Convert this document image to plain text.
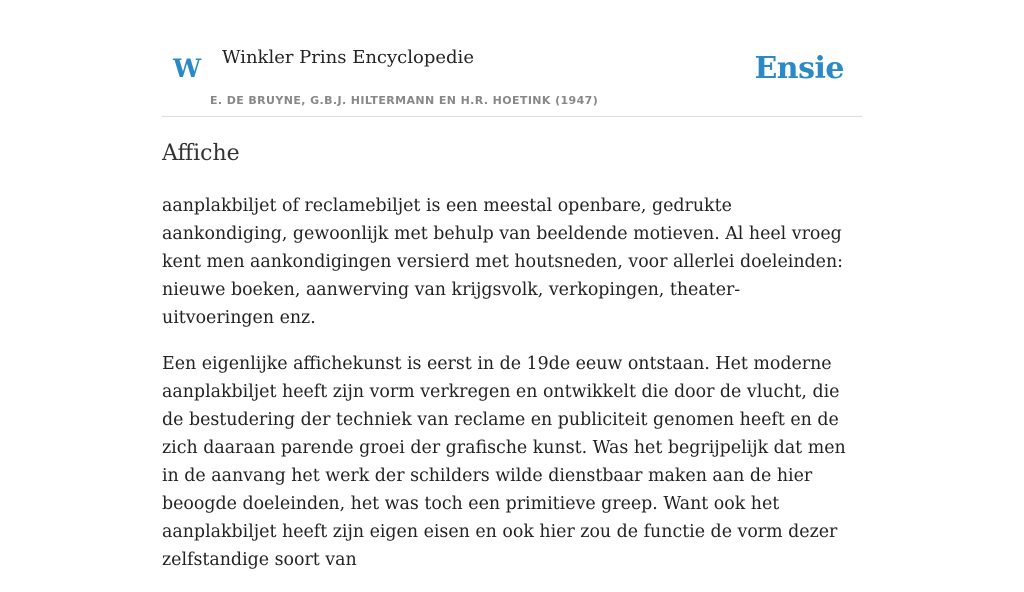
W Winkler Prins Encyclopedie
E. DE BRUYNE, G.B.J. HILTERMANN EN H.R. HOETINK (1947)
Ensie
Affiche

aanplakbiljet of reclamebiljet is een meestal openbare, gedrukte aankondiging, gewoonlijk met behulp van beeldende motieven. Al heel vroeg kent men aankondigingen versierd met houtsneden, voor allerlei doeleinden: nieuwe boeken, aanwerving van krijgsvolk, verkopingen, theater-uitvoeringen enz.

Een eigenlijke affichekunst is eerst in de 19de eeuw ontstaan. Het moderne aanplakbiljet heeft zijn vorm verkregen en ontwikkelt die door de vlucht, die de bestudering der techniek van reclame en publiciteit genomen heeft en de zich daaraan parende groei der grafische kunst. Was het begrijpelijk dat men in de aanvang het werk der schilders wilde dienstbaar maken aan de hier beoogde doeleinden, het was toch een primitieve greep. Want ook het aanplakbiljet heeft zijn eigen eisen en ook hier zou de functie de vorm dezer zelfstandige soort van
